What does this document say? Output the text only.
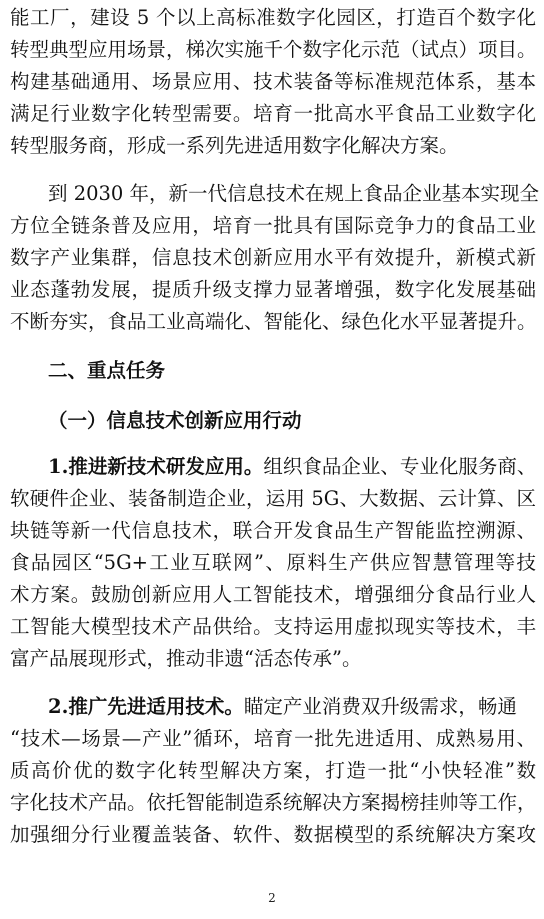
能工厂，建设 5 个以上高标准数字化园区，打造百个数字化
转型典型应用场景，梯次实施千个数字化示范（试点）项目。
构建基础通用、场景应用、技术装备等标准规范体系，基本
满足行业数字化转型需要。培育一批高水平食品工业数字化
转型服务商，形成一系列先进适用数字化解决方案。
到 2030 年，新一代信息技术在规上食品企业基本实现全
方位全链条普及应用，培育一批具有国际竞争力的食品工业
数字产业集群，信息技术创新应用水平有效提升，新模式新
业态蓬勃发展，提质升级支撑力显著增强，数字化发展基础
不断夯实，食品工业高端化、智能化、绿色化水平显著提升。
二、重点任务
（一）信息技术创新应用行动
1.推进新技术研发应用。组织食品企业、专业化服务商、
软硬件企业、装备制造企业，运用 5G、大数据、云计算、区
块链等新一代信息技术，联合开发食品生产智能监控溯源、
食品园区“5G+工业互联网”、原料生产供应智慧管理等技
术方案。鼓励创新应用人工智能技术，增强细分食品行业人
工智能大模型技术产品供给。支持运用虚拟现实等技术，丰
富产品展现形式，推动非遗“活态传承”。
2.推广先进适用技术。瞄定产业消费双升级需求，畅通
“技术—场景—产业”循环，培育一批先进适用、成熟易用、
质高价优的数字化转型解决方案，打造一批“小快轻准”数
字化技术产品。依托智能制造系统解决方案揭榜挂帅等工作，
加强细分行业覆盖装备、软件、数据模型的系统解决方案攻
2
